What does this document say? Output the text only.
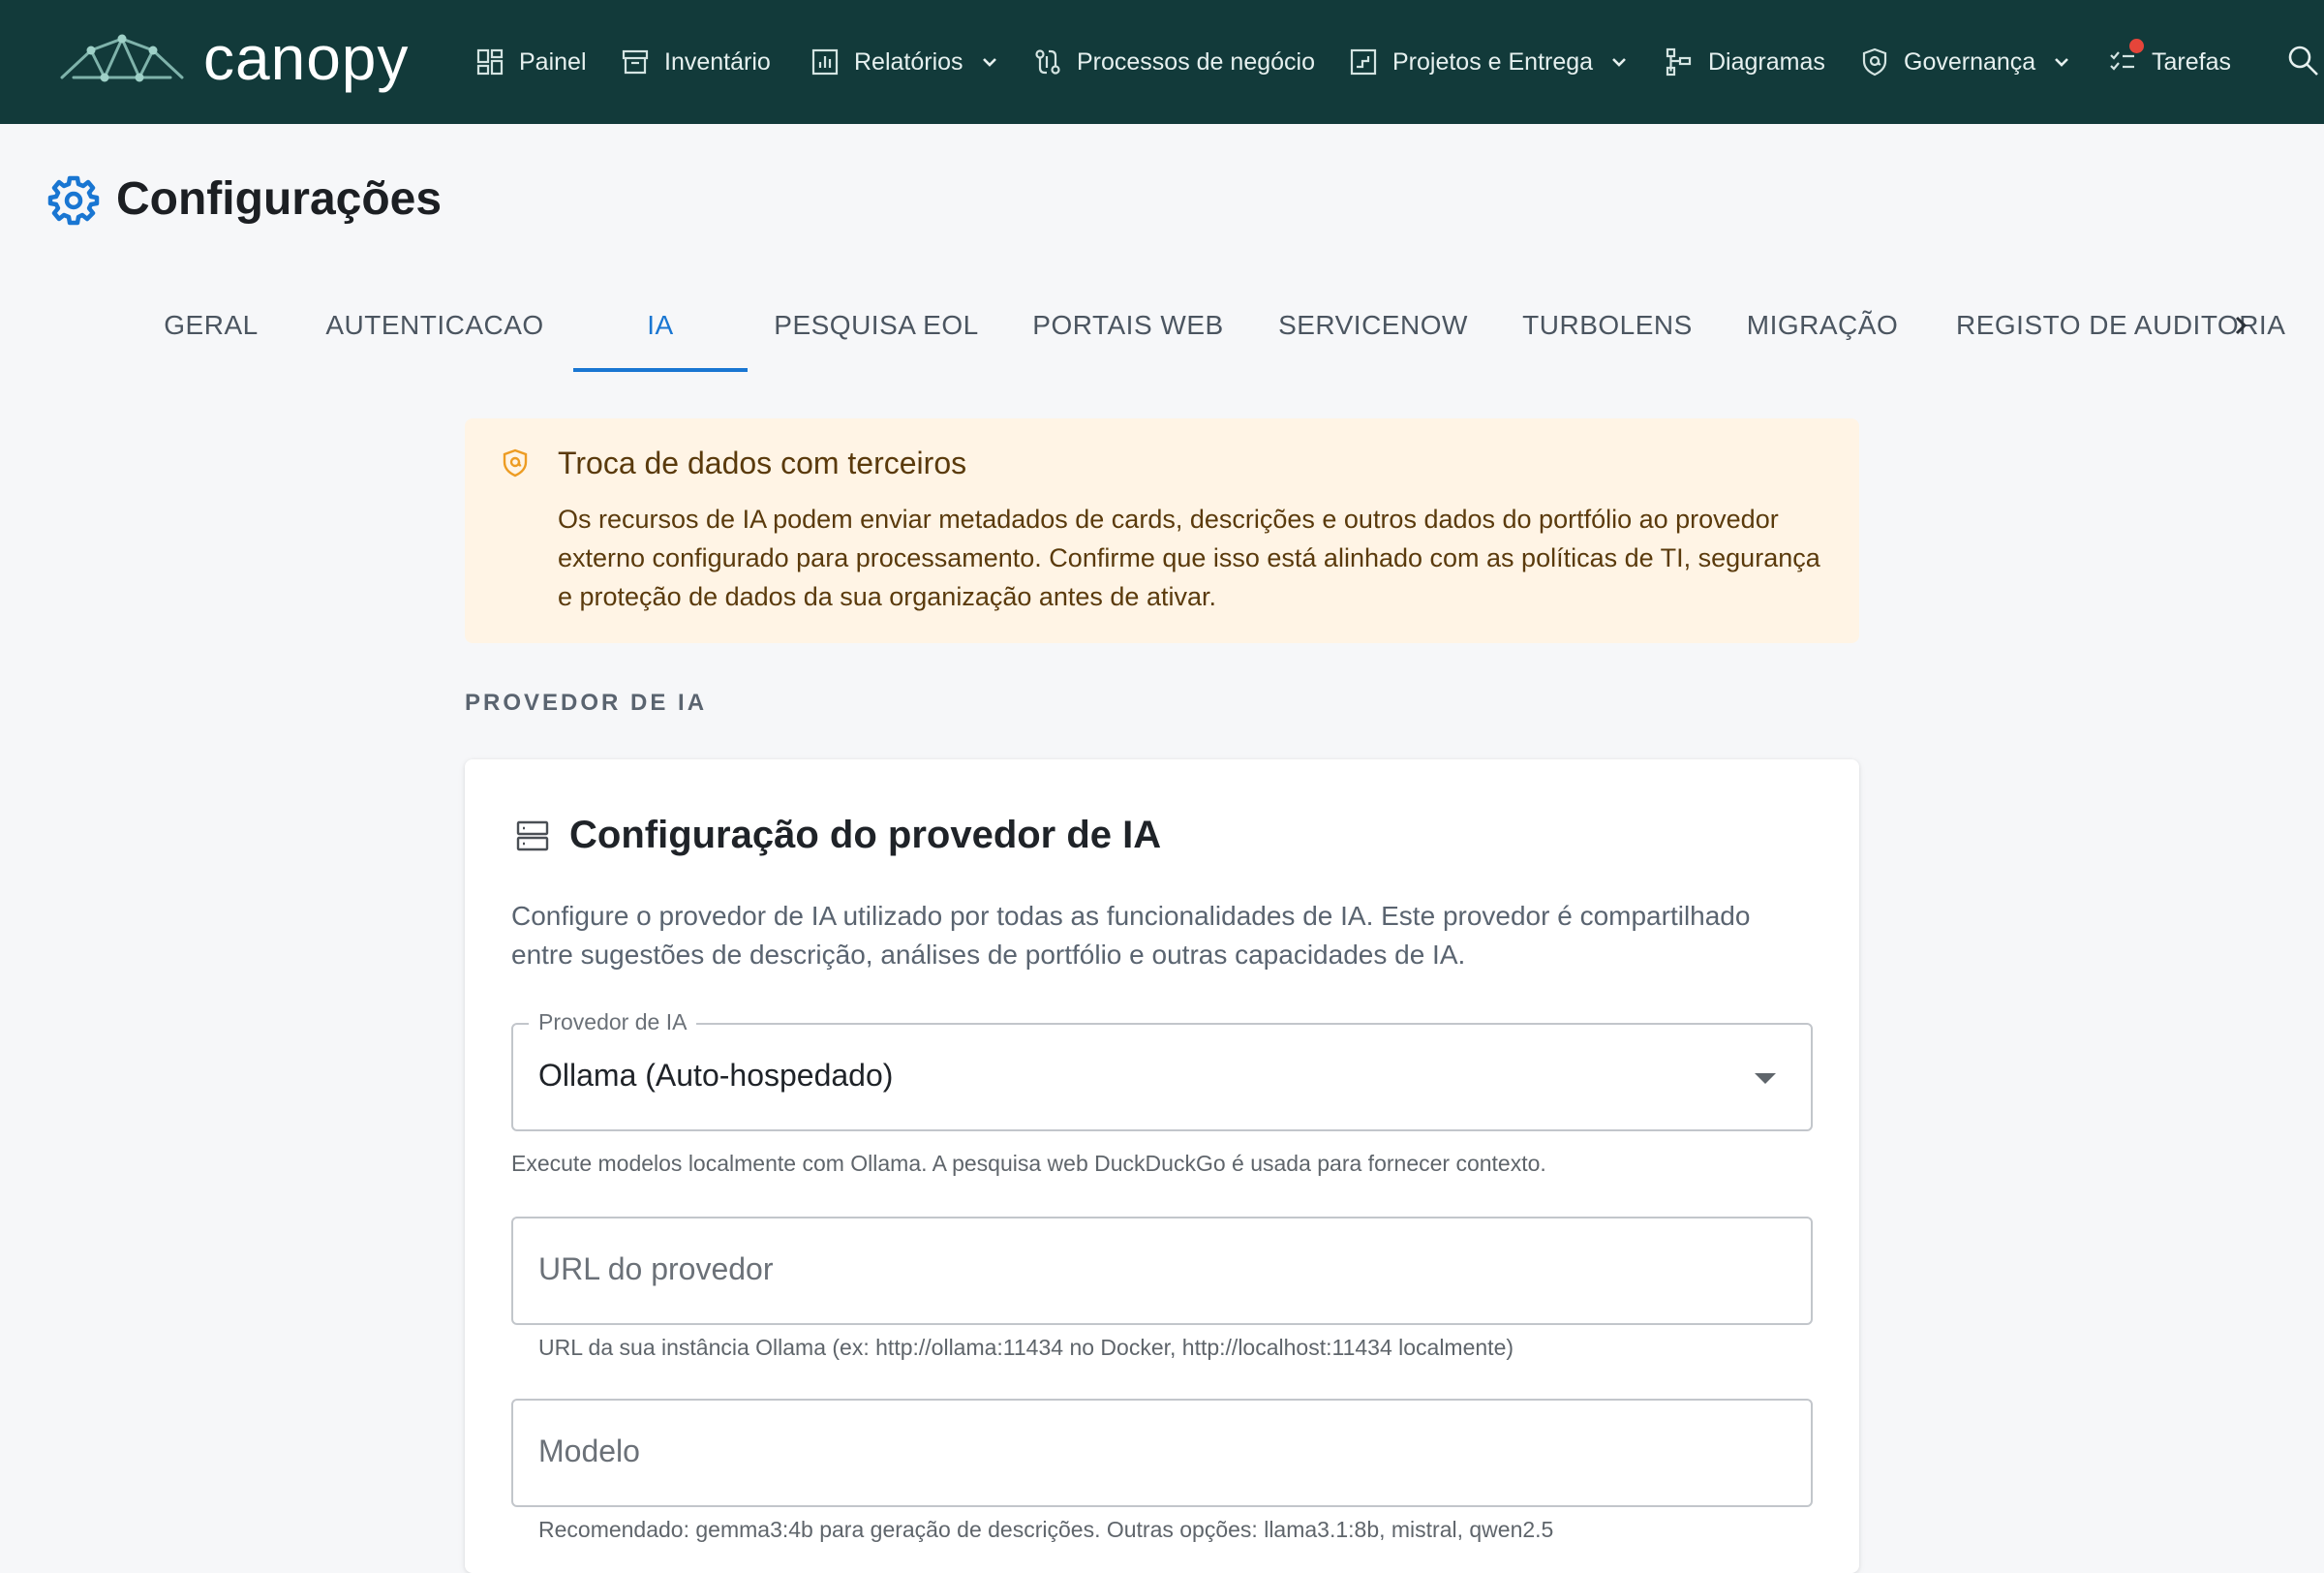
canopy	Painel	Inventário	Relatórios	Processos de negócio	Projetos e Entrega	Diagramas	Governança	Tarefas
Configurações
GERAL	AUTENTICACAO	IA	PESQUISA EOL	PORTAIS WEB	SERVICENOW	TURBOLENS	MIGRAÇÃO	REGISTO DE AUDITORIA
Troca de dados com terceiros
Os recursos de IA podem enviar metadados de cards, descrições e outros dados do portfólio ao provedor externo configurado para processamento. Confirme que isso está alinhado com as políticas de TI, segurança e proteção de dados da sua organização antes de ativar.
PROVEDOR DE IA
Configuração do provedor de IA

Configure o provedor de IA utilizado por todas as funcionalidades de IA. Este provedor é compartilhado entre sugestões de descrição, análises de portfólio e outras capacidades de IA.

Provedor de IA
Ollama (Auto-hospedado)
Execute modelos localmente com Ollama. A pesquisa web DuckDuckGo é usada para fornecer contexto.
URL do provedor
URL da sua instância Ollama (ex: http://ollama:11434 no Docker, http://localhost:11434 localmente)
Modelo
Recomendado: gemma3:4b para geração de descrições. Outras opções: llama3.1:8b, mistral, qwen2.5
